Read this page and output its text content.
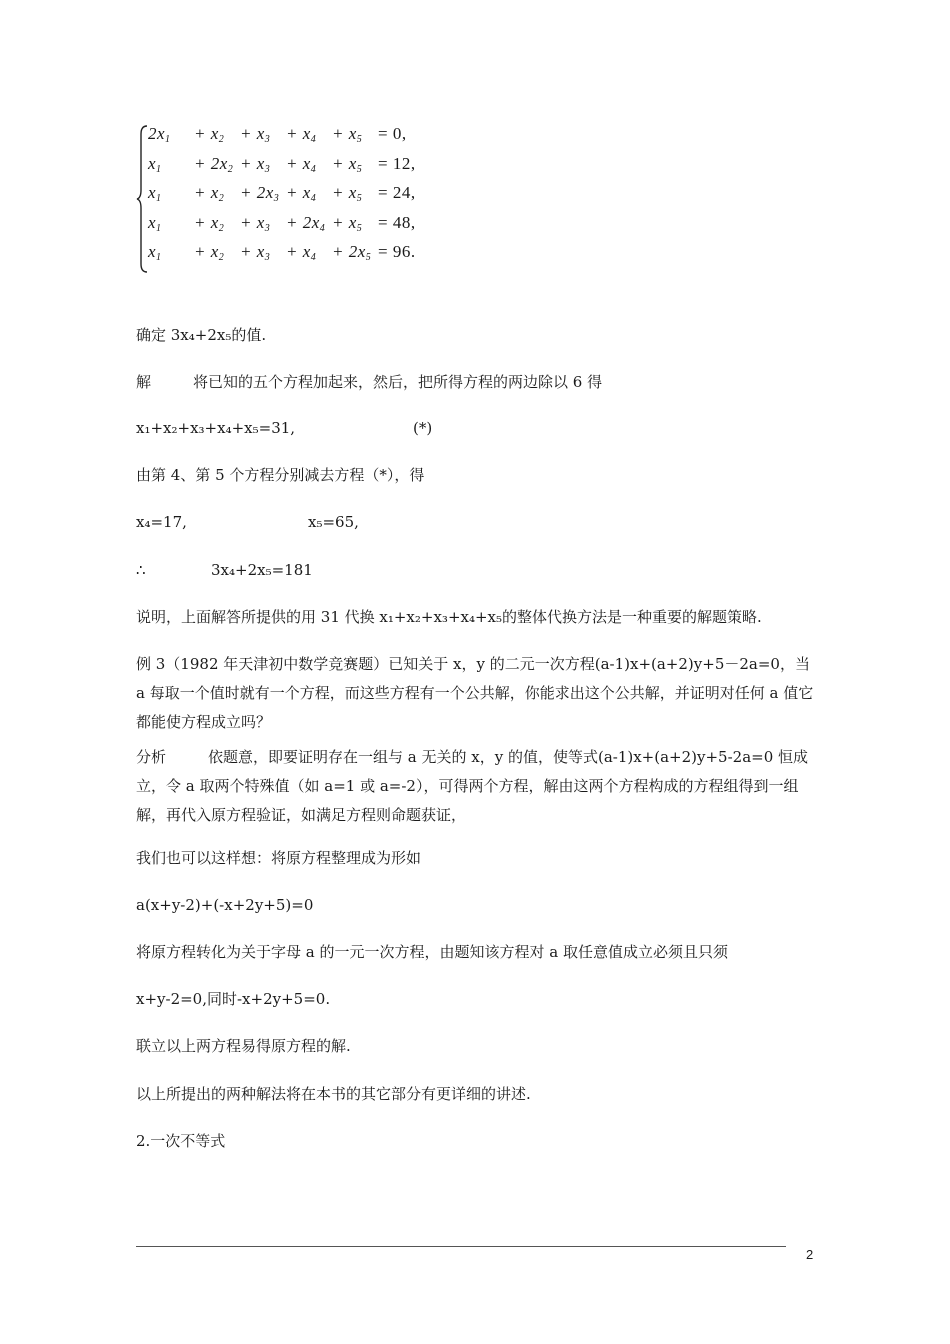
$2x_1 + x_2 + x_3 + x_4 + x_5 = 0$,
$x_1 + 2x_2 + x_3 + x_4 + x_5 = 12$,
$x_1 + x_2 + 2x_3 + x_4 + x_5 = 24$,
$x_1 + x_2 + x_3 + 2x_4 + x_5 = 48$,
$x_1 + x_2 + x_3 + x_4 + 2x_5 = 96$.
确定 3x₄+2x₅的值.
解	将已知的五个方程加起来，然后，把所得方程的两边除以 6 得
x₁+x₂+x₃+x₄+x₅=31,	(*)
由第 4、第 5 个方程分别减去方程（*），得
x₄=17,	x₅=65,
∴	3x₄+2x₅=181
说明，上面解答所提供的用 31 代换 x₁+x₂+x₃+x₄+x₅的整体代换方法是一种重要的解题策略.
例 3（1982 年天津初中数学竞赛题）已知关于 x，y 的二元一次方程(a-1)x+(a+2)y+5－2a=0，当 a 每取一个值时就有一个方程，而这些方程有一个公共解，你能求出这个公共解，并证明对任何 a 值它都能使方程成立吗？
分析	依题意，即要证明存在一组与 a 无关的 x，y 的值，使等式(a-1)x+(a+2)y+5-2a=0 恒成立，令 a 取两个特殊值（如 a=1 或 a=-2），可得两个方程，解由这两个方程构成的方程组得到一组解，再代入原方程验证，如满足方程则命题获证，
我们也可以这样想：将原方程整理成为形如
a(x+y-2)+(-x+2y+5)=0
将原方程转化为关于字母 a 的一元一次方程，由题知该方程对 a 取任意值成立必须且只须
x+y-2=0,同时-x+2y+5=0.
联立以上两方程易得原方程的解.
以上所提出的两种解法将在本书的其它部分有更详细的讲述.
2.一次不等式
2
